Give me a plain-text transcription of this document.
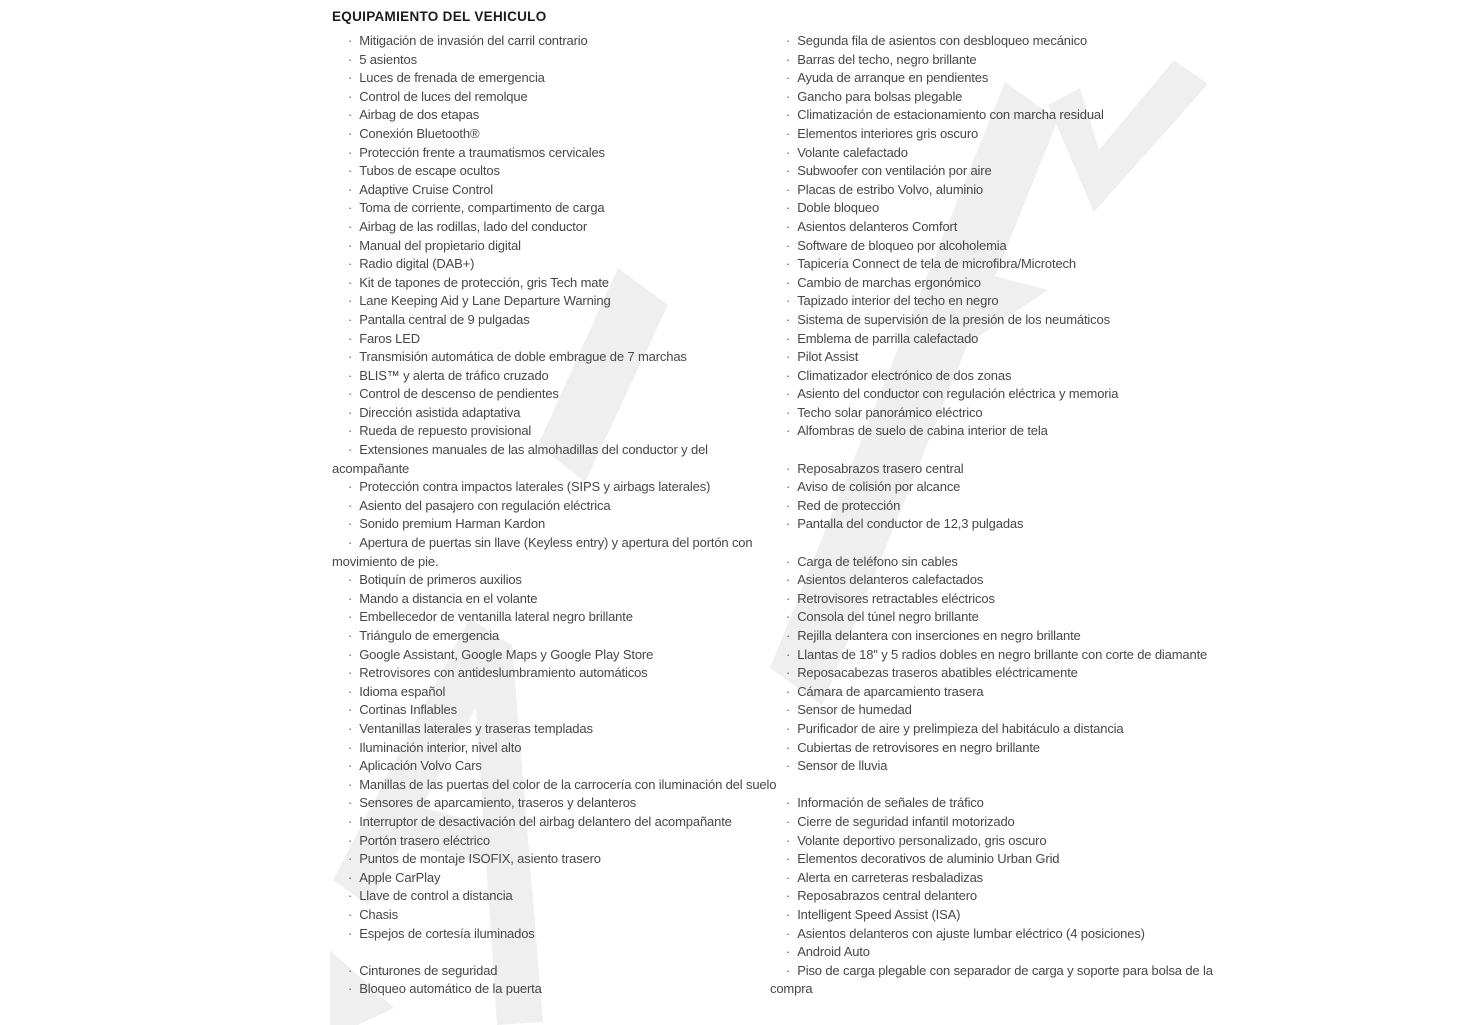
EQUIPAMIENTO DEL VEHICULO
· Mitigación de invasión del carril contrario
· 5 asientos
· Luces de frenada de emergencia
· Control de luces del remolque
· Airbag de dos etapas
· Conexión Bluetooth®
· Protección frente a traumatismos cervicales
· Tubos de escape ocultos
· Adaptive Cruise Control
· Toma de corriente, compartimento de carga
· Airbag de las rodillas, lado del conductor
· Manual del propietario digital
· Radio digital (DAB+)
· Kit de tapones de protección, gris Tech mate
· Lane Keeping Aid y Lane Departure Warning
· Pantalla central de 9 pulgadas
· Faros LED
· Transmisión automática de doble embrague de 7 marchas
· BLIS™ y alerta de tráfico cruzado
· Control de descenso de pendientes
· Dirección asistida adaptativa
· Rueda de repuesto provisional
· Extensiones manuales de las almohadillas del conductor y del acompañante
· Protección contra impactos laterales (SIPS y airbags laterales)
· Asiento del pasajero con regulación eléctrica
· Sonido premium Harman Kardon
· Apertura de puertas sin llave (Keyless entry) y apertura del portón con movimiento de pie.
· Botiquín de primeros auxilios
· Mando a distancia en el volante
· Embellecedor de ventanilla lateral negro brillante
· Triángulo de emergencia
· Google Assistant, Google Maps y Google Play Store
· Retrovisores con antideslumbramiento automáticos
· Idioma español
· Cortinas Inflables
· Ventanillas laterales y traseras templadas
· Iluminación interior, nivel alto
· Aplicación Volvo Cars
· Manillas de las puertas del color de la carrocería con iluminación del suelo
· Sensores de aparcamiento, traseros y delanteros
· Interruptor de desactivación del airbag delantero del acompañante
· Portón trasero eléctrico
· Puntos de montaje ISOFIX, asiento trasero
· Apple CarPlay
· Llave de control a distancia
· Chasis
· Espejos de cortesía iluminados
· Cinturones de seguridad
· Bloqueo automático de la puerta
· Segunda fila de asientos con desbloqueo mecánico
· Barras del techo, negro brillante
· Ayuda de arranque en pendientes
· Gancho para bolsas plegable
· Climatización de estacionamiento con marcha residual
· Elementos interiores gris oscuro
· Volante calefactado
· Subwoofer con ventilación por aire
· Placas de estribo Volvo, aluminio
· Doble bloqueo
· Asientos delanteros Comfort
· Software de bloqueo por alcoholemia
· Tapicería Connect de tela de microfibra/Microtech
· Cambio de marchas ergonómico
· Tapizado interior del techo en negro
· Sistema de supervisión de la presión de los neumáticos
· Emblema de parrilla calefactado
· Pilot Assist
· Climatizador electrónico de dos zonas
· Asiento del conductor con regulación eléctrica y memoria
· Techo solar panorámico eléctrico
· Alfombras de suelo de cabina interior de tela
· Reposabrazos trasero central
· Aviso de colisión por alcance
· Red de protección
· Pantalla del conductor de 12,3 pulgadas
· Carga de teléfono sin cables
· Asientos delanteros calefactados
· Retrovisores retractables eléctricos
· Consola del túnel negro brillante
· Rejilla delantera con inserciones en negro brillante
· Llantas de 18" y 5 radios dobles en negro brillante con corte de diamante
· Reposacabezas traseros abatibles eléctricamente
· Cámara de aparcamiento trasera
· Sensor de humedad
· Purificador de aire y prelimpieza del habitáculo a distancia
· Cubiertas de retrovisores en negro brillante
· Sensor de lluvia
· Información de señales de tráfico
· Cierre de seguridad infantil motorizado
· Volante deportivo personalizado, gris oscuro
· Elementos decorativos de aluminio Urban Grid
· Alerta en carreteras resbaladizas
· Reposabrazos central delantero
· Intelligent Speed Assist (ISA)
· Asientos delanteros con ajuste lumbar eléctrico (4 posiciones)
· Android Auto
· Piso de carga plegable con separador de carga y soporte para bolsa de la compra
